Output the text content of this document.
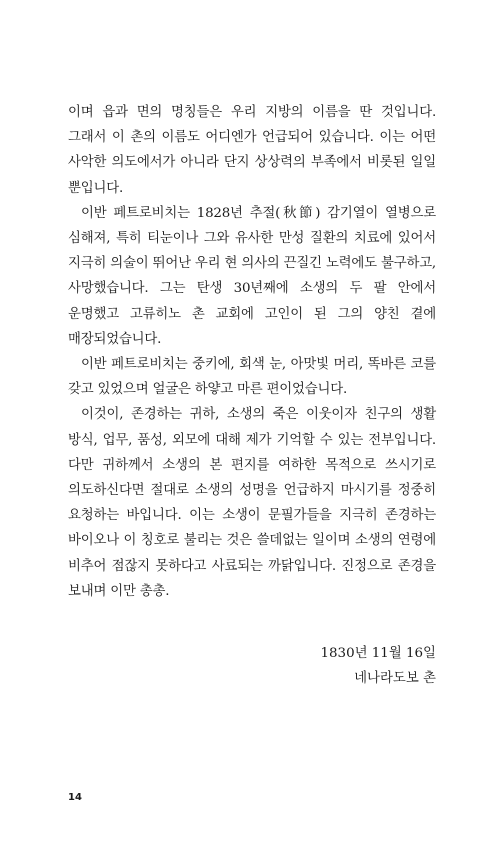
이며 읍과 면의 명칭들은 우리 지방의 이름을 딴 것입니다. 그래서 이 촌의 이름도 어디엔가 언급되어 있습니다. 이는 어떤 사악한 의도에서가 아니라 단지 상상력의 부족에서 비롯된 일일 뿐입니다.

이반 페트로비치는 1828년 추절(秋節) 감기열이 열병으로 심해져, 특히 티눈이나 그와 유사한 만성 질환의 치료에 있어서 지극히 의술이 뛰어난 우리 현 의사의 끈질긴 노력에도 불구하고, 사망했습니다. 그는 탄생 30년째에 소생의 두 팔 안에서 운명했고 고류히노 촌 교회에 고인이 된 그의 양친 곁에 매장되었습니다.

이반 페트로비치는 중키에, 회색 눈, 아맛빛 머리, 똑바른 코를 갖고 있었으며 얼굴은 하얗고 마른 편이었습니다.

이것이, 존경하는 귀하, 소생의 죽은 이웃이자 친구의 생활 방식, 업무, 품성, 외모에 대해 제가 기억할 수 있는 전부입니다. 다만 귀하께서 소생의 본 편지를 여하한 목적으로 쓰시기로 의도하신다면 절대로 소생의 성명을 언급하지 마시기를 정중히 요청하는 바입니다. 이는 소생이 문필가들을 지극히 존경하는 바이오나 이 칭호로 불리는 것은 쓸데없는 일이며 소생의 연령에 비추어 점잖지 못하다고 사료되는 까닭입니다. 진정으로 존경을 보내며 이만 총총.

1830년 11월 16일
네나라도보 촌
14
